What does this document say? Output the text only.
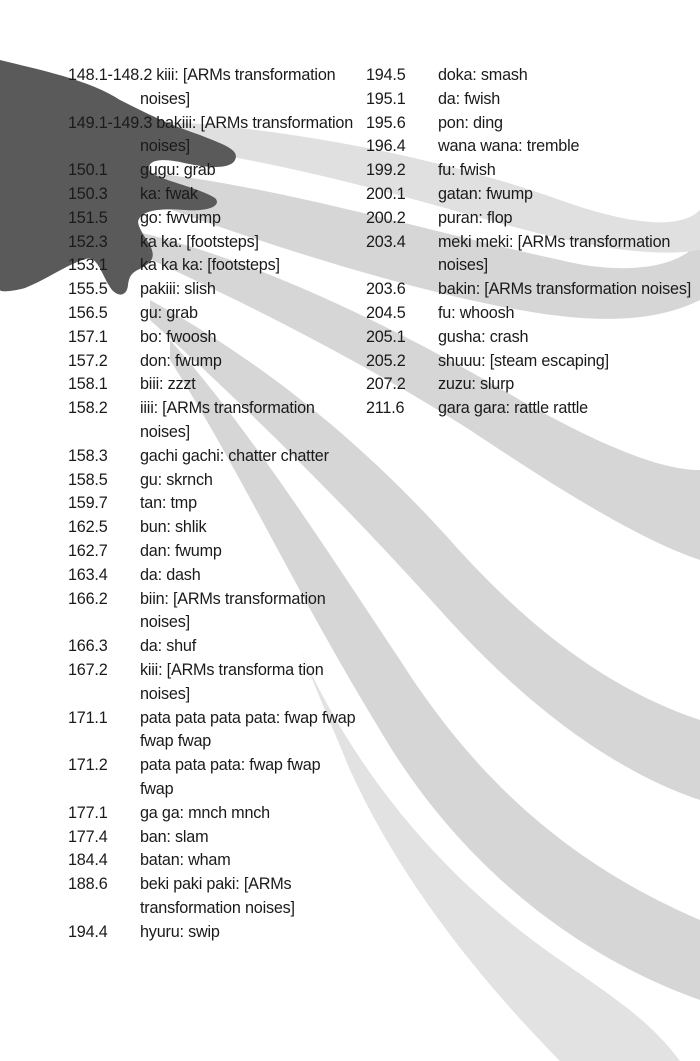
148.1-148.2 kiii: [ARMs transformation noises]
149.1-149.3 bakiii: [ARMs transformation noises]
150.1	gugu: grab
150.3	ka: fwak
151.5	go: fwvump
152.3	ka ka: [footsteps]
153.1	ka ka ka: [footsteps]
155.5	pakiii: slish
156.5	gu: grab
157.1	bo: fwoosh
157.2	don: fwump
158.1	biii: zzzt
158.2	iiii: [ARMs transformation noises]
158.3	gachi gachi: chatter chatter
158.5	gu: skrnch
159.7	tan: tmp
162.5	bun: shlik
162.7	dan: fwump
163.4	da: dash
166.2	biin: [ARMs transformation noises]
166.3	da: shuf
167.2	kiii: [ARMs transforma tion noises]
171.1	pata pata pata pata: fwap fwap fwap fwap
171.2	pata pata pata: fwap fwap fwap
177.1	ga ga: mnch mnch
177.4	ban: slam
184.4	batan: wham
188.6	beki paki paki: [ARMs transformation noises]
194.4	hyuru: swip
194.5	doka: smash
195.1	da: fwish
195.6	pon: ding
196.4	wana wana: tremble
199.2	fu: fwish
200.1	gatan: fwump
200.2	puran: flop
203.4	meki meki: [ARMs transformation noises]
203.6	bakin: [ARMs transformation noises]
204.5	fu: whoosh
205.1	gusha: crash
205.2	shuuu: [steam escaping]
207.2	zuzu: slurp
211.6	gara gara: rattle rattle
